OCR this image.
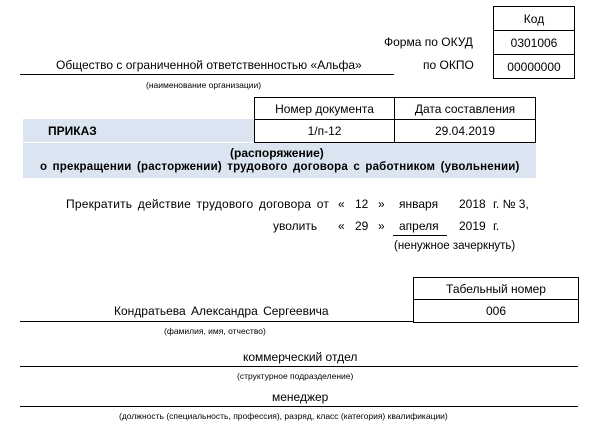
Код
Форма по ОКУД	0301006
по ОКПО	00000000
Общество с ограниченной ответственностью «Альфа»
(наименование организации)
Номер документа	Дата составления
ПРИКАЗ	1/п-12	29.04.2019
(распоряжение)
о прекращении (расторжении) трудового договора с работником (увольнении)
Прекратить действие трудового договора от « 12 » января 2018 г. № 3,
уволить « 29 » апреля 2019 г.
(ненужное зачеркнуть)
Табельный номер
006
Кондратьева Александра Сергеевича
(фамилия, имя, отчество)
коммерческий отдел
(структурное подразделение)
менеджер
(должность (специальность, профессия), разряд, класс (категория) квалификации)
